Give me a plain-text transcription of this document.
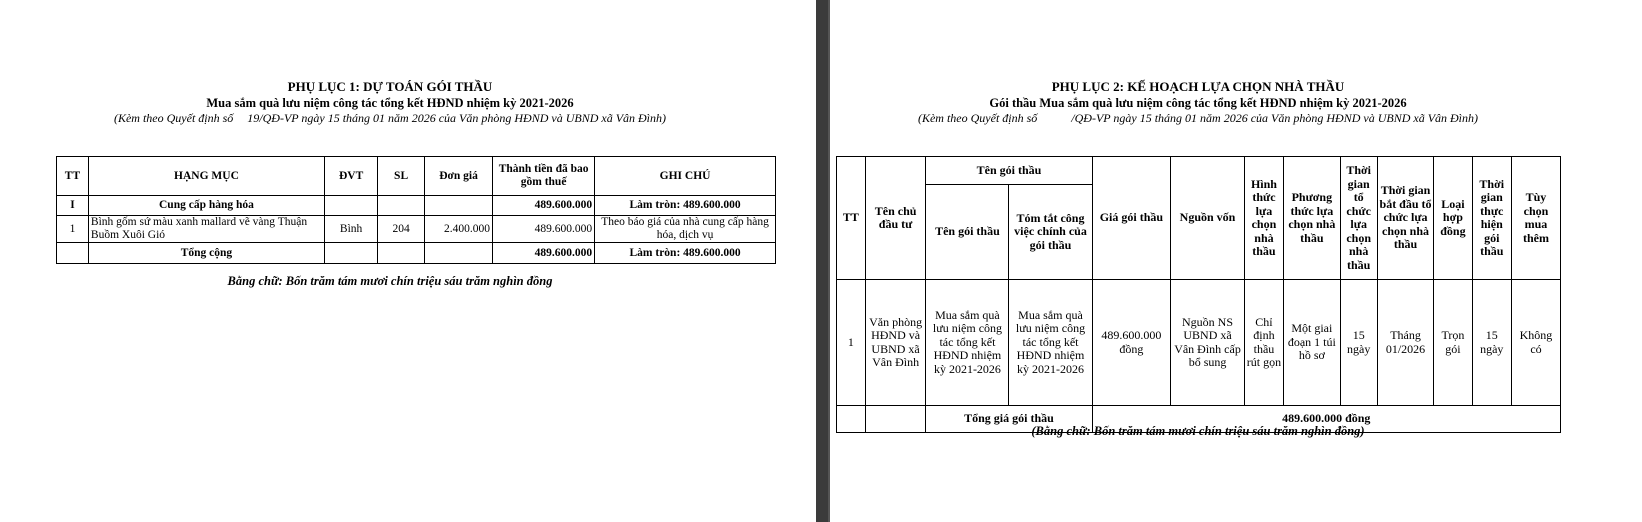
PHỤ LỤC 1: DỰ TOÁN GÓI THẦU
Mua sắm quà lưu niệm công tác tổng kết HĐND nhiệm kỳ 2021-2026
(Kèm theo Quyết định số 19/QĐ-VP ngày 15 tháng 01 năm 2026 của Văn phòng HĐND và UBND xã Vân Đình)
TT	HẠNG MỤC	ĐVT	SL	Đơn giá	Thành tiền đã bao gồm thuế	GHI CHÚ
I	Cung cấp hàng hóa				489.600.000	Làm tròn: 489.600.000
1	Bình gốm sứ màu xanh mallard vẽ vàng Thuận Buồm Xuôi Gió	Bình	204	2.400.000	489.600.000	Theo báo giá của nhà cung cấp hàng hóa, dịch vụ
	Tổng cộng				489.600.000	Làm tròn: 489.600.000
Bằng chữ: Bốn trăm tám mươi chín triệu sáu trăm nghìn đồng
PHỤ LỤC 2: KẾ HOẠCH LỰA CHỌN NHÀ THẦU
Gói thầu Mua sắm quà lưu niệm công tác tổng kết HĐND nhiệm kỳ 2021-2026
(Kèm theo Quyết định số	/QĐ-VP ngày 15 tháng 01 năm 2026 của Văn phòng HĐND và UBND xã Vân Đình)
TT	Tên chủ đầu tư	Tên gói thầu		Giá gói thầu	Nguồn vốn	Hình thức lựa chọn nhà thầu	Phương thức lựa chọn nhà thầu	Thời gian tổ chức lựa chọn nhà thầu	Thời gian bắt đầu tổ chức lựa chọn nhà thầu	Loại hợp đồng	Thời gian thực hiện gói thầu	Tùy chọn mua thêm
		Tên gói thầu	Tóm tắt công việc chính của gói thầu									
1	Văn phòng HĐND và UBND xã Vân Đình	Mua sắm quà lưu niệm công tác tổng kết HĐND nhiệm kỳ 2021-2026	Mua sắm quà lưu niệm công tác tổng kết HĐND nhiệm kỳ 2021-2026	489.600.000 đồng	Nguồn NS UBND xã Vân Đình cấp bổ sung	Chỉ định thầu rút gọn	Một giai đoạn 1 túi hồ sơ	15 ngày	Tháng 01/2026	Trọn gói	15 ngày	Không có
		Tổng giá gói thầu		489.600.000 đồng								
(Bằng chữ: Bốn trăm tám mươi chín triệu sáu trăm nghìn đồng)
